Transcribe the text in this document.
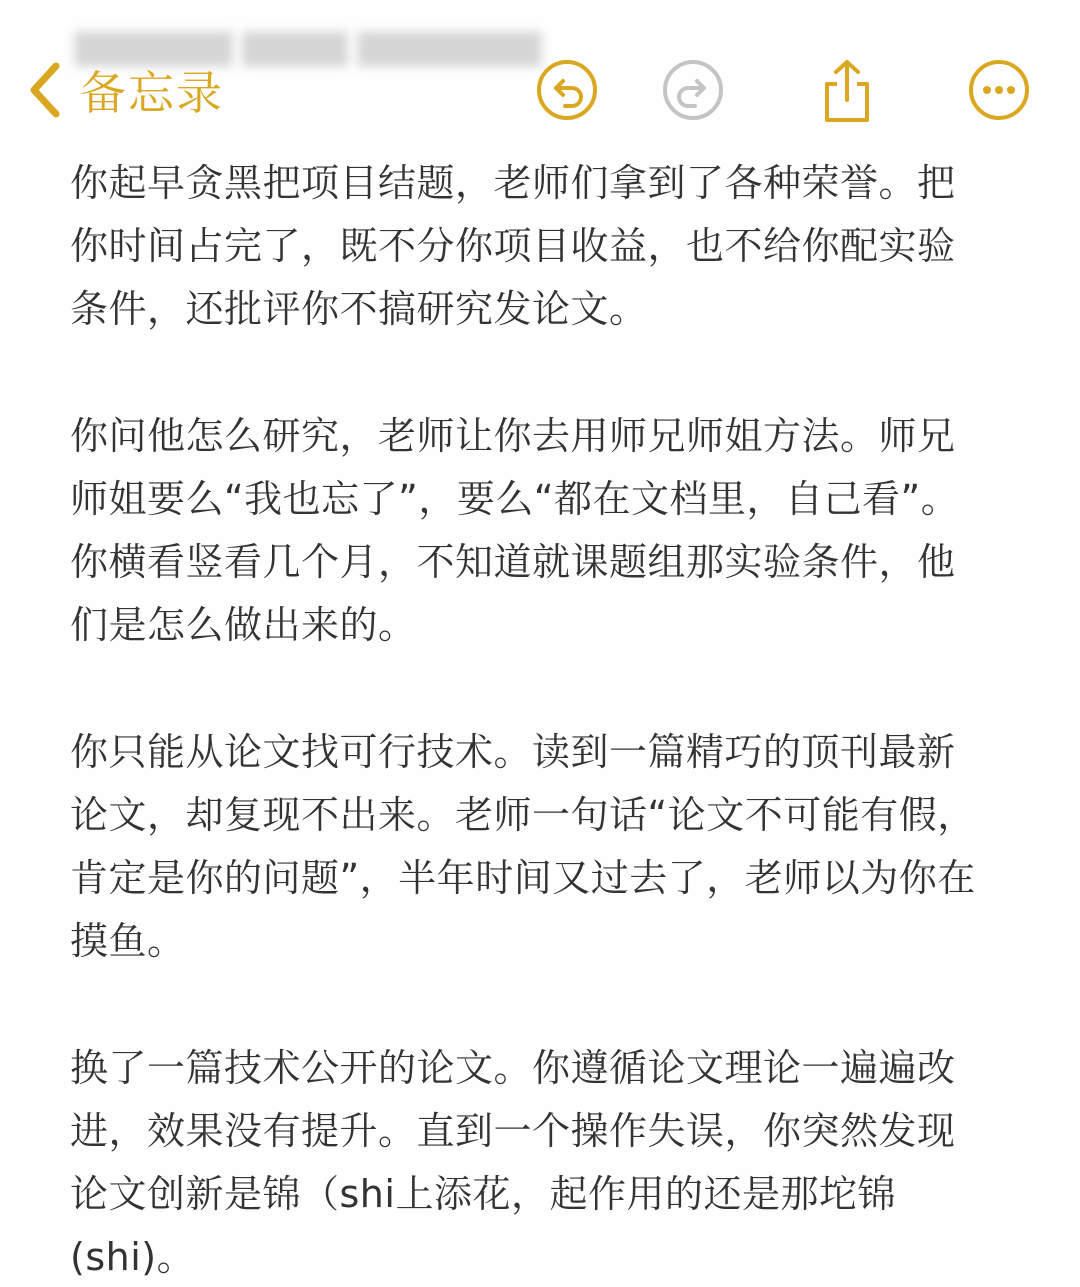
▇▇▇▇▇▇ ▇▇▇▇ ▇▇▇▇▇▇▇
备忘录

你起早贪黑把项目结题，老师们拿到了各种荣誉。把
你时间占完了，既不分你项目收益，也不给你配实验
条件，还批评你不搞研究发论文。

你问他怎么研究，老师让你去用师兄师姐方法。师兄
师姐要么“我也忘了”，要么“都在文档里，自己看”。
你横看竖看几个月，不知道就课题组那实验条件，他
们是怎么做出来的。

你只能从论文找可行技术。读到一篇精巧的顶刊最新
论文，却复现不出来。老师一句话“论文不可能有假，
肯定是你的问题”，半年时间又过去了，老师以为你在
摸鱼。

换了一篇技术公开的论文。你遵循论文理论一遍遍改
进，效果没有提升。直到一个操作失误，你突然发现
论文创新是锦（shi上添花，起作用的还是那坨锦
(shi)。
